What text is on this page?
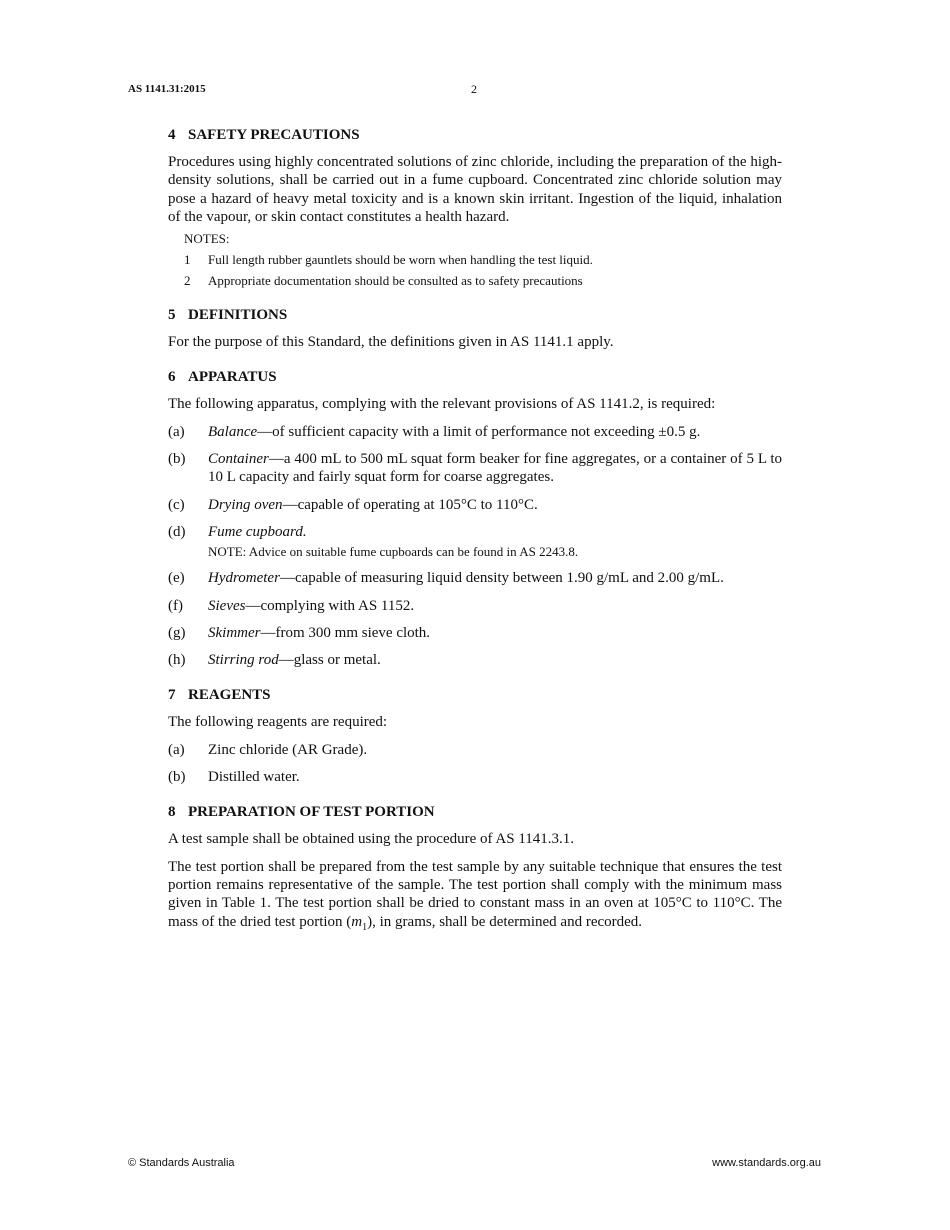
AS 1141.31:2015	2
4 SAFETY PRECAUTIONS

Procedures using highly concentrated solutions of zinc chloride, including the preparation of the high-density solutions, shall be carried out in a fume cupboard. Concentrated zinc chloride solution may pose a hazard of heavy metal toxicity and is a known skin irritant. Ingestion of the liquid, inhalation of the vapour, or skin contact constitutes a health hazard.

NOTES:
1	Full length rubber gauntlets should be worn when handling the test liquid.
2	Appropriate documentation should be consulted as to safety precautions
5 DEFINITIONS

For the purpose of this Standard, the definitions given in AS 1141.1 apply.

6 APPARATUS

The following apparatus, complying with the relevant provisions of AS 1141.2, is required:

(a)	Balance—of sufficient capacity with a limit of performance not exceeding ±0.5 g.
(b)	Container—a 400 mL to 500 mL squat form beaker for fine aggregates, or a container of 5 L to 10 L capacity and fairly squat form for coarse aggregates.
(c)	Drying oven—capable of operating at 105°C to 110°C.
(d)	Fume cupboard.
NOTE: Advice on suitable fume cupboards can be found in AS 2243.8.
(e)	Hydrometer—capable of measuring liquid density between 1.90 g/mL and 2.00 g/mL.
(f)	Sieves—complying with AS 1152.
(g)	Skimmer—from 300 mm sieve cloth.
(h)	Stirring rod—glass or metal.
7 REAGENTS

The following reagents are required:

(a)	Zinc chloride (AR Grade).
(b)	Distilled water.
8 PREPARATION OF TEST PORTION

A test sample shall be obtained using the procedure of AS 1141.3.1.

The test portion shall be prepared from the test sample by any suitable technique that ensures the test portion remains representative of the sample. The test portion shall comply with the minimum mass given in Table 1. The test portion shall be dried to constant mass in an oven at 105°C to 110°C. The mass of the dried test portion $(m_1)$, in grams, shall be determined and recorded.

© Standards Australia	www.standards.org.au
